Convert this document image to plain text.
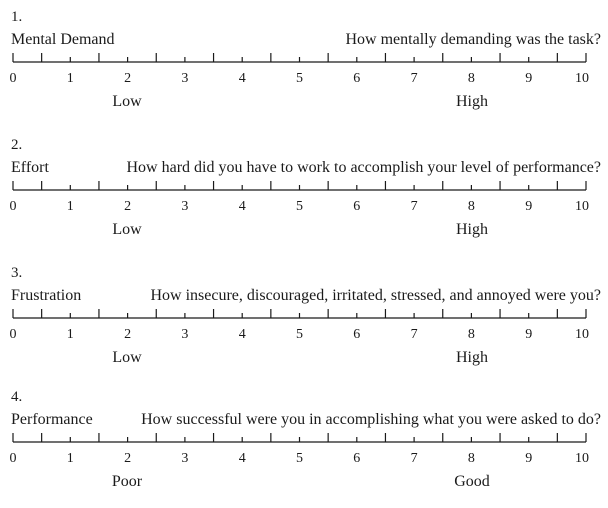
1.
Mental Demand	How mentally demanding was the task?
0	1	2	3	4	5	6	7	8	9	10
Low	High
2.
Effort	How hard did you have to work to accomplish your level of performance?
0	1	2	3	4	5	6	7	8	9	10
Low	High
3.
Frustration	How insecure, discouraged, irritated, stressed, and annoyed were you?
0	1	2	3	4	5	6	7	8	9	10
Low	High
4.
Performance	How successful were you in accomplishing what you were asked to do?
0	1	2	3	4	5	6	7	8	9	10
Poor	Good
